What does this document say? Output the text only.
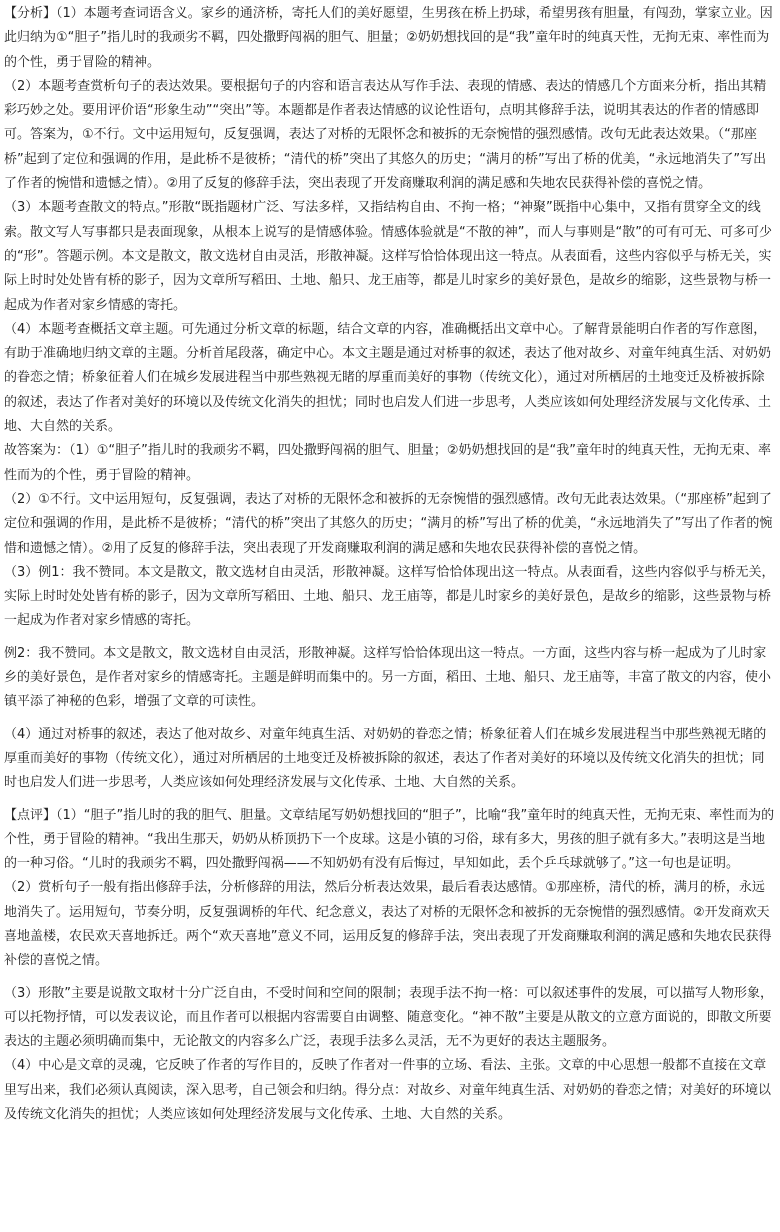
【分析】（1）本题考查词语含义。家乡的通济桥，寄托人们的美好愿望，生男孩在桥上扔球，希望男孩有胆量，有闯劲，掌家立业。因此归纳为①“胆子”指儿时的我顽劣不羁，四处撒野闯祸的胆气、胆量；②奶奶想找回的是“我”童年时的纯真天性，无拘无束、率性而为的个性，勇于冒险的精神。

（2）本题考查赏析句子的表达效果。要根据句子的内容和语言表达从写作手法、表现的情感、表达的情感几个方面来分析，指出其精彩巧妙之处。要用评价语“形象生动”“突出”等。本题都是作者表达情感的议论性语句，点明其修辞手法，说明其表达的作者的情感即可。答案为，①不行。文中运用短句，反复强调，表达了对桥的无限怀念和被拆的无奈惋惜的强烈感情。改句无此表达效果。（“那座桥”起到了定位和强调的作用，是此桥不是彼桥；“清代的桥”突出了其悠久的历史；“满月的桥”写出了桥的优美，“永远地消失了”写出了作者的惋惜和遗憾之情）。②用了反复的修辞手法，突出表现了开发商赚取利润的满足感和失地农民获得补偿的喜悦之情。

（3）本题考查散文的特点。”形散“既指题材广泛、写法多样，又指结构自由、不拘一格；“神聚”既指中心集中，又指有贯穿全文的线索。散文写人写事都只是表面现象，从根本上说写的是情感体验。情感体验就是“不散的神”，而人与事则是“散”的可有可无、可多可少的“形”。答题示例。本文是散文，散文选材自由灵活，形散神凝。这样写恰恰体现出这一特点。从表面看，这些内容似乎与桥无关，实际上时时处处皆有桥的影子，因为文章所写稻田、土地、船只、龙王庙等，都是儿时家乡的美好景色，是故乡的缩影，这些景物与桥一起成为作者对家乡情感的寄托。

（4）本题考查概括文章主题。可先通过分析文章的标题，结合文章的内容，准确概括出文章中心。了解背景能明白作者的写作意图，有助于准确地归纳文章的主题。分析首尾段落，确定中心。本文主题是通过对桥事的叙述，表达了他对故乡、对童年纯真生活、对奶奶的眷恋之情；桥象征着人们在城乡发展进程当中那些熟视无睹的厚重而美好的事物（传统文化），通过对所栖居的土地变迁及桥被拆除的叙述，表达了作者对美好的环境以及传统文化消失的担忧；同时也启发人们进一步思考，人类应该如何处理经济发展与文化传承、土地、大自然的关系。

故答案为：（1）①“胆子”指儿时的我顽劣不羁，四处撒野闯祸的胆气、胆量；②奶奶想找回的是“我”童年时的纯真天性，无拘无束、率性而为的个性，勇于冒险的精神。

（2）①不行。文中运用短句，反复强调，表达了对桥的无限怀念和被拆的无奈惋惜的强烈感情。改句无此表达效果。（“那座桥”起到了定位和强调的作用，是此桥不是彼桥；“清代的桥”突出了其悠久的历史；“满月的桥”写出了桥的优美，“永远地消失了”写出了作者的惋惜和遗憾之情）。②用了反复的修辞手法，突出表现了开发商赚取利润的满足感和失地农民获得补偿的喜悦之情。

（3）例1：我不赞同。本文是散文，散文选材自由灵活，形散神凝。这样写恰恰体现出这一特点。从表面看，这些内容似乎与桥无关，实际上时时处处皆有桥的影子，因为文章所写稻田、土地、船只、龙王庙等，都是儿时家乡的美好景色，是故乡的缩影，这些景物与桥一起成为作者对家乡情感的寄托。

例2：我不赞同。本文是散文，散文选材自由灵活，形散神凝。这样写恰恰体现出这一特点。一方面，这些内容与桥一起成为了儿时家乡的美好景色，是作者对家乡的情感寄托。主题是鲜明而集中的。另一方面，稻田、土地、船只、龙王庙等，丰富了散文的内容，使小镇平添了神秘的色彩，增强了文章的可读性。

（4）通过对桥事的叙述，表达了他对故乡、对童年纯真生活、对奶奶的眷恋之情；桥象征着人们在城乡发展进程当中那些熟视无睹的厚重而美好的事物（传统文化），通过对所栖居的土地变迁及桥被拆除的叙述，表达了作者对美好的环境以及传统文化消失的担忧；同时也启发人们进一步思考，人类应该如何处理经济发展与文化传承、土地、大自然的关系。

【点评】（1）“胆子”指儿时的我的胆气、胆量。文章结尾写奶奶想找回的“胆子”，比喻“我”童年时的纯真天性，无拘无束、率性而为的个性，勇于冒险的精神。“我出生那天，奶奶从桥顶扔下一个皮球。这是小镇的习俗，球有多大，男孩的胆子就有多大。”表明这是当地的一种习俗。“儿时的我顽劣不羁，四处撒野闯祸——不知奶奶有没有后悔过，早知如此，丢个乒乓球就够了。”这一句也是证明。

（2）赏析句子一般有指出修辞手法，分析修辞的用法，然后分析表达效果，最后看表达感情。①那座桥，清代的桥，满月的桥，永远地消失了。运用短句，节奏分明，反复强调桥的年代、纪念意义，表达了对桥的无限怀念和被拆的无奈惋惜的强烈感情。②开发商欢天喜地盖楼，农民欢天喜地拆迁。两个“欢天喜地”意义不同，运用反复的修辞手法，突出表现了开发商赚取利润的满足感和失地农民获得补偿的喜悦之情。

（3）形散”主要是说散文取材十分广泛自由，不受时间和空间的限制；表现手法不拘一格：可以叙述事件的发展，可以描写人物形象，可以托物抒情，可以发表议论，而且作者可以根据内容需要自由调整、随意变化。“神不散”主要是从散文的立意方面说的，即散文所要表达的主题必须明确而集中，无论散文的内容多么广泛，表现手法多么灵活，无不为更好的表达主题服务。

（4）中心是文章的灵魂，它反映了作者的写作目的，反映了作者对一件事的立场、看法、主张。文章的中心思想一般都不直接在文章里写出来，我们必须认真阅读，深入思考，自己领会和归纳。得分点：对故乡、对童年纯真生活、对奶奶的眷恋之情；对美好的环境以及传统文化消失的担忧；人类应该如何处理经济发展与文化传承、土地、大自然的关系。
